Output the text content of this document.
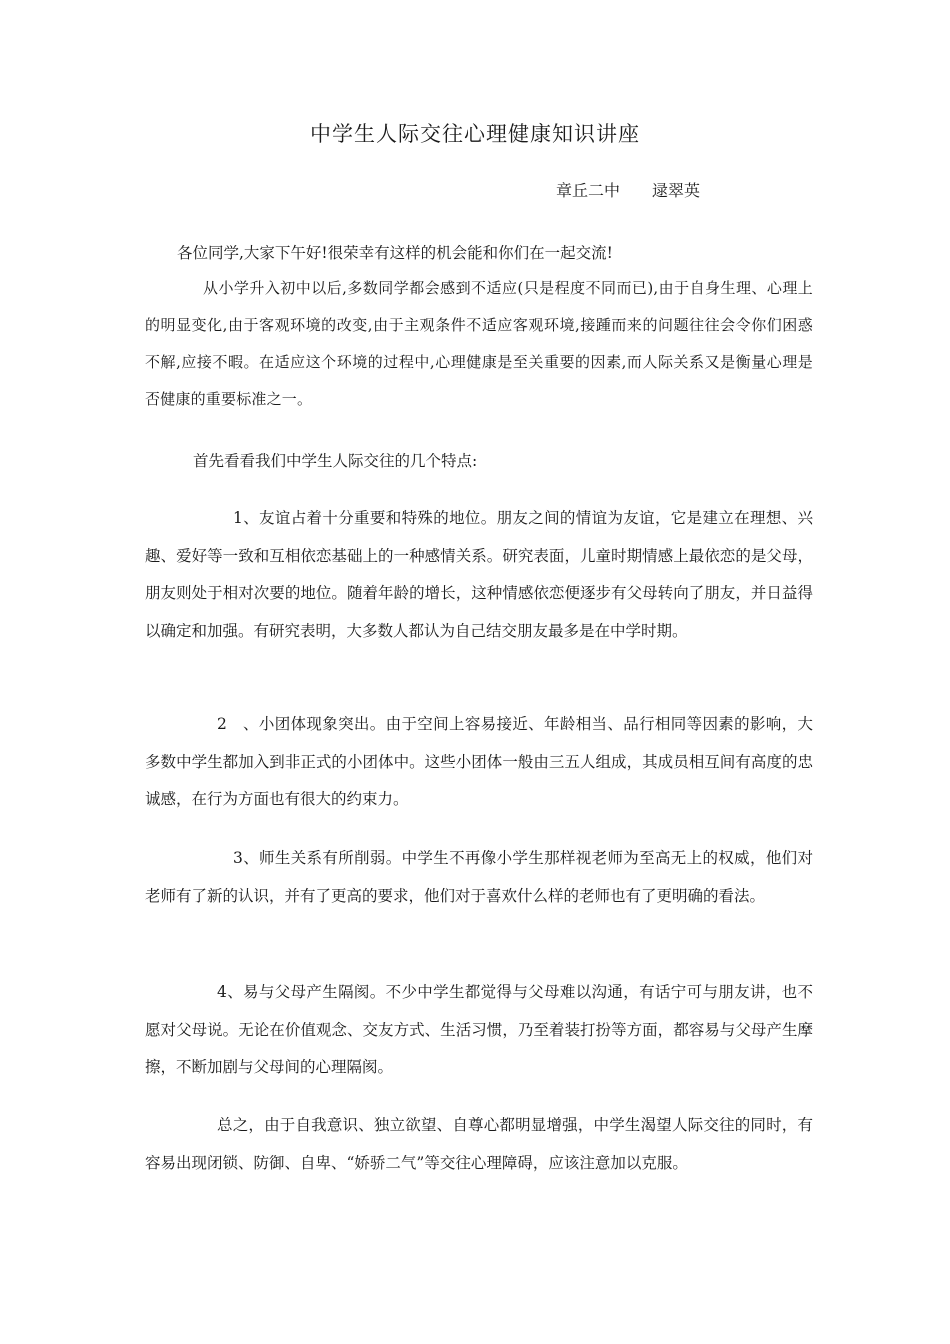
中学生人际交往心理健康知识讲座
章丘二中　　逯翠英

各位同学,大家下午好!很荣幸有这样的机会能和你们在一起交流!

从小学升入初中以后,多数同学都会感到不适应(只是程度不同而已),由于自身生理、心理上的明显变化,由于客观环境的改变,由于主观条件不适应客观环境,接踵而来的问题往往会令你们困惑不解,应接不暇。在适应这个环境的过程中,心理健康是至关重要的因素,而人际关系又是衡量心理是否健康的重要标准之一。

首先看看我们中学生人际交往的几个特点:

1、友谊占着十分重要和特殊的地位。朋友之间的情谊为友谊，它是建立在理想、兴趣、爱好等一致和互相依恋基础上的一种感情关系。研究表面，儿童时期情感上最依恋的是父母，朋友则处于相对次要的地位。随着年龄的增长，这种情感依恋便逐步有父母转向了朋友，并日益得以确定和加强。有研究表明，大多数人都认为自己结交朋友最多是在中学时期。

2　、小团体现象突出。由于空间上容易接近、年龄相当、品行相同等因素的影响，大多数中学生都加入到非正式的小团体中。这些小团体一般由三五人组成，其成员相互间有高度的忠诚感，在行为方面也有很大的约束力。

3、师生关系有所削弱。中学生不再像小学生那样视老师为至高无上的权威，他们对老师有了新的认识，并有了更高的要求，他们对于喜欢什么样的老师也有了更明确的看法。

4、易与父母产生隔阂。不少中学生都觉得与父母难以沟通，有话宁可与朋友讲，也不愿对父母说。无论在价值观念、交友方式、生活习惯，乃至着装打扮等方面，都容易与父母产生摩擦，不断加剧与父母间的心理隔阂。

总之，由于自我意识、独立欲望、自尊心都明显增强，中学生渴望人际交往的同时，有容易出现闭锁、防御、自卑、“娇骄二气”等交往心理障碍，应该注意加以克服。
